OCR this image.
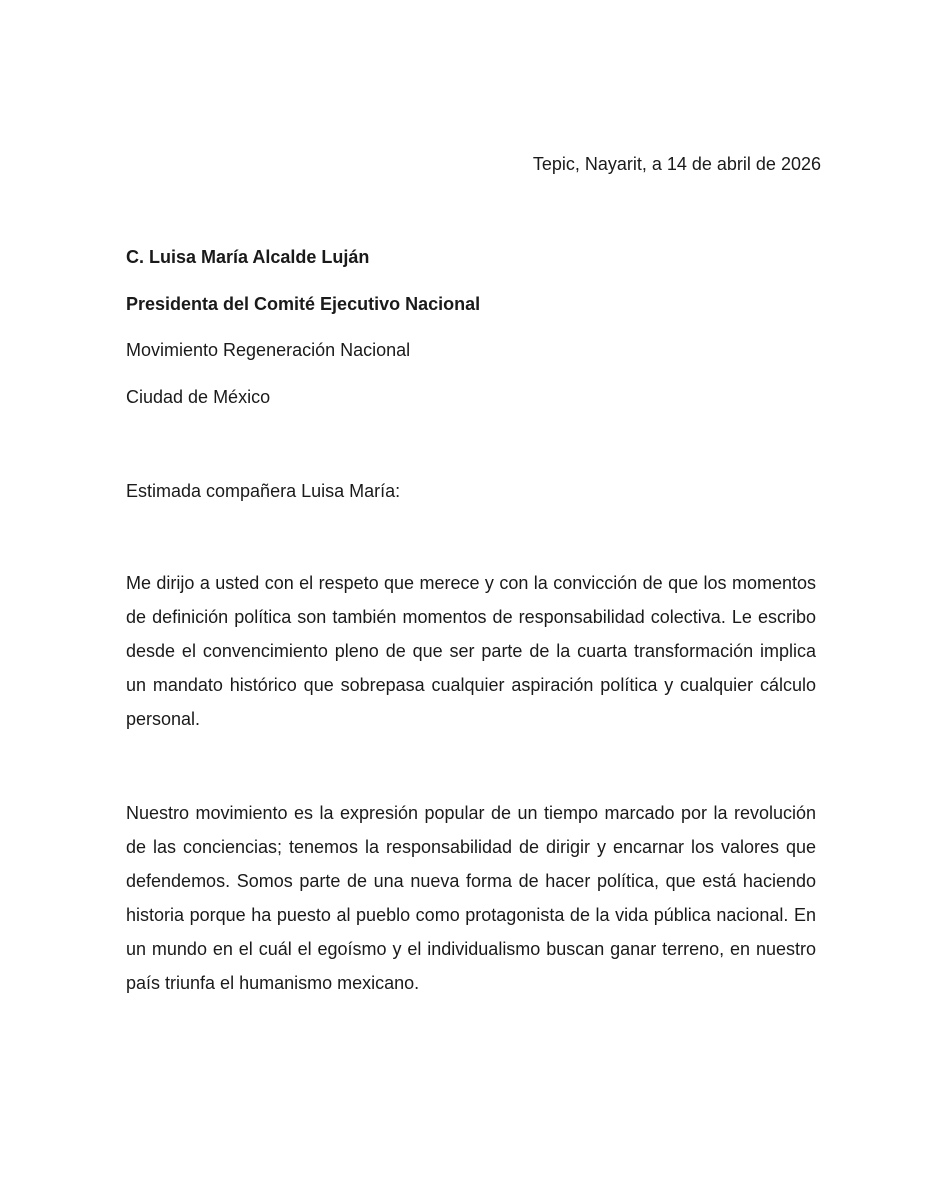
Tepic, Nayarit, a 14 de abril de 2026
C. Luisa María Alcalde Luján
Presidenta del Comité Ejecutivo Nacional
Movimiento Regeneración Nacional
Ciudad de México
Estimada compañera Luisa María:
Me dirijo a usted con el respeto que merece y con la convicción de que los momentos
de definición política son también momentos de responsabilidad colectiva. Le escribo
desde el convencimiento pleno de que ser parte de la cuarta transformación implica
un mandato histórico que sobrepasa cualquier aspiración política y cualquier cálculo
personal.
Nuestro movimiento es la expresión popular de un tiempo marcado por la revolución
de las conciencias; tenemos la responsabilidad de dirigir y encarnar los valores que
defendemos. Somos parte de una nueva forma de hacer política, que está haciendo
historia porque ha puesto al pueblo como protagonista de la vida pública nacional. En
un mundo en el cuál el egoísmo y el individualismo buscan ganar terreno, en nuestro
país triunfa el humanismo mexicano.
